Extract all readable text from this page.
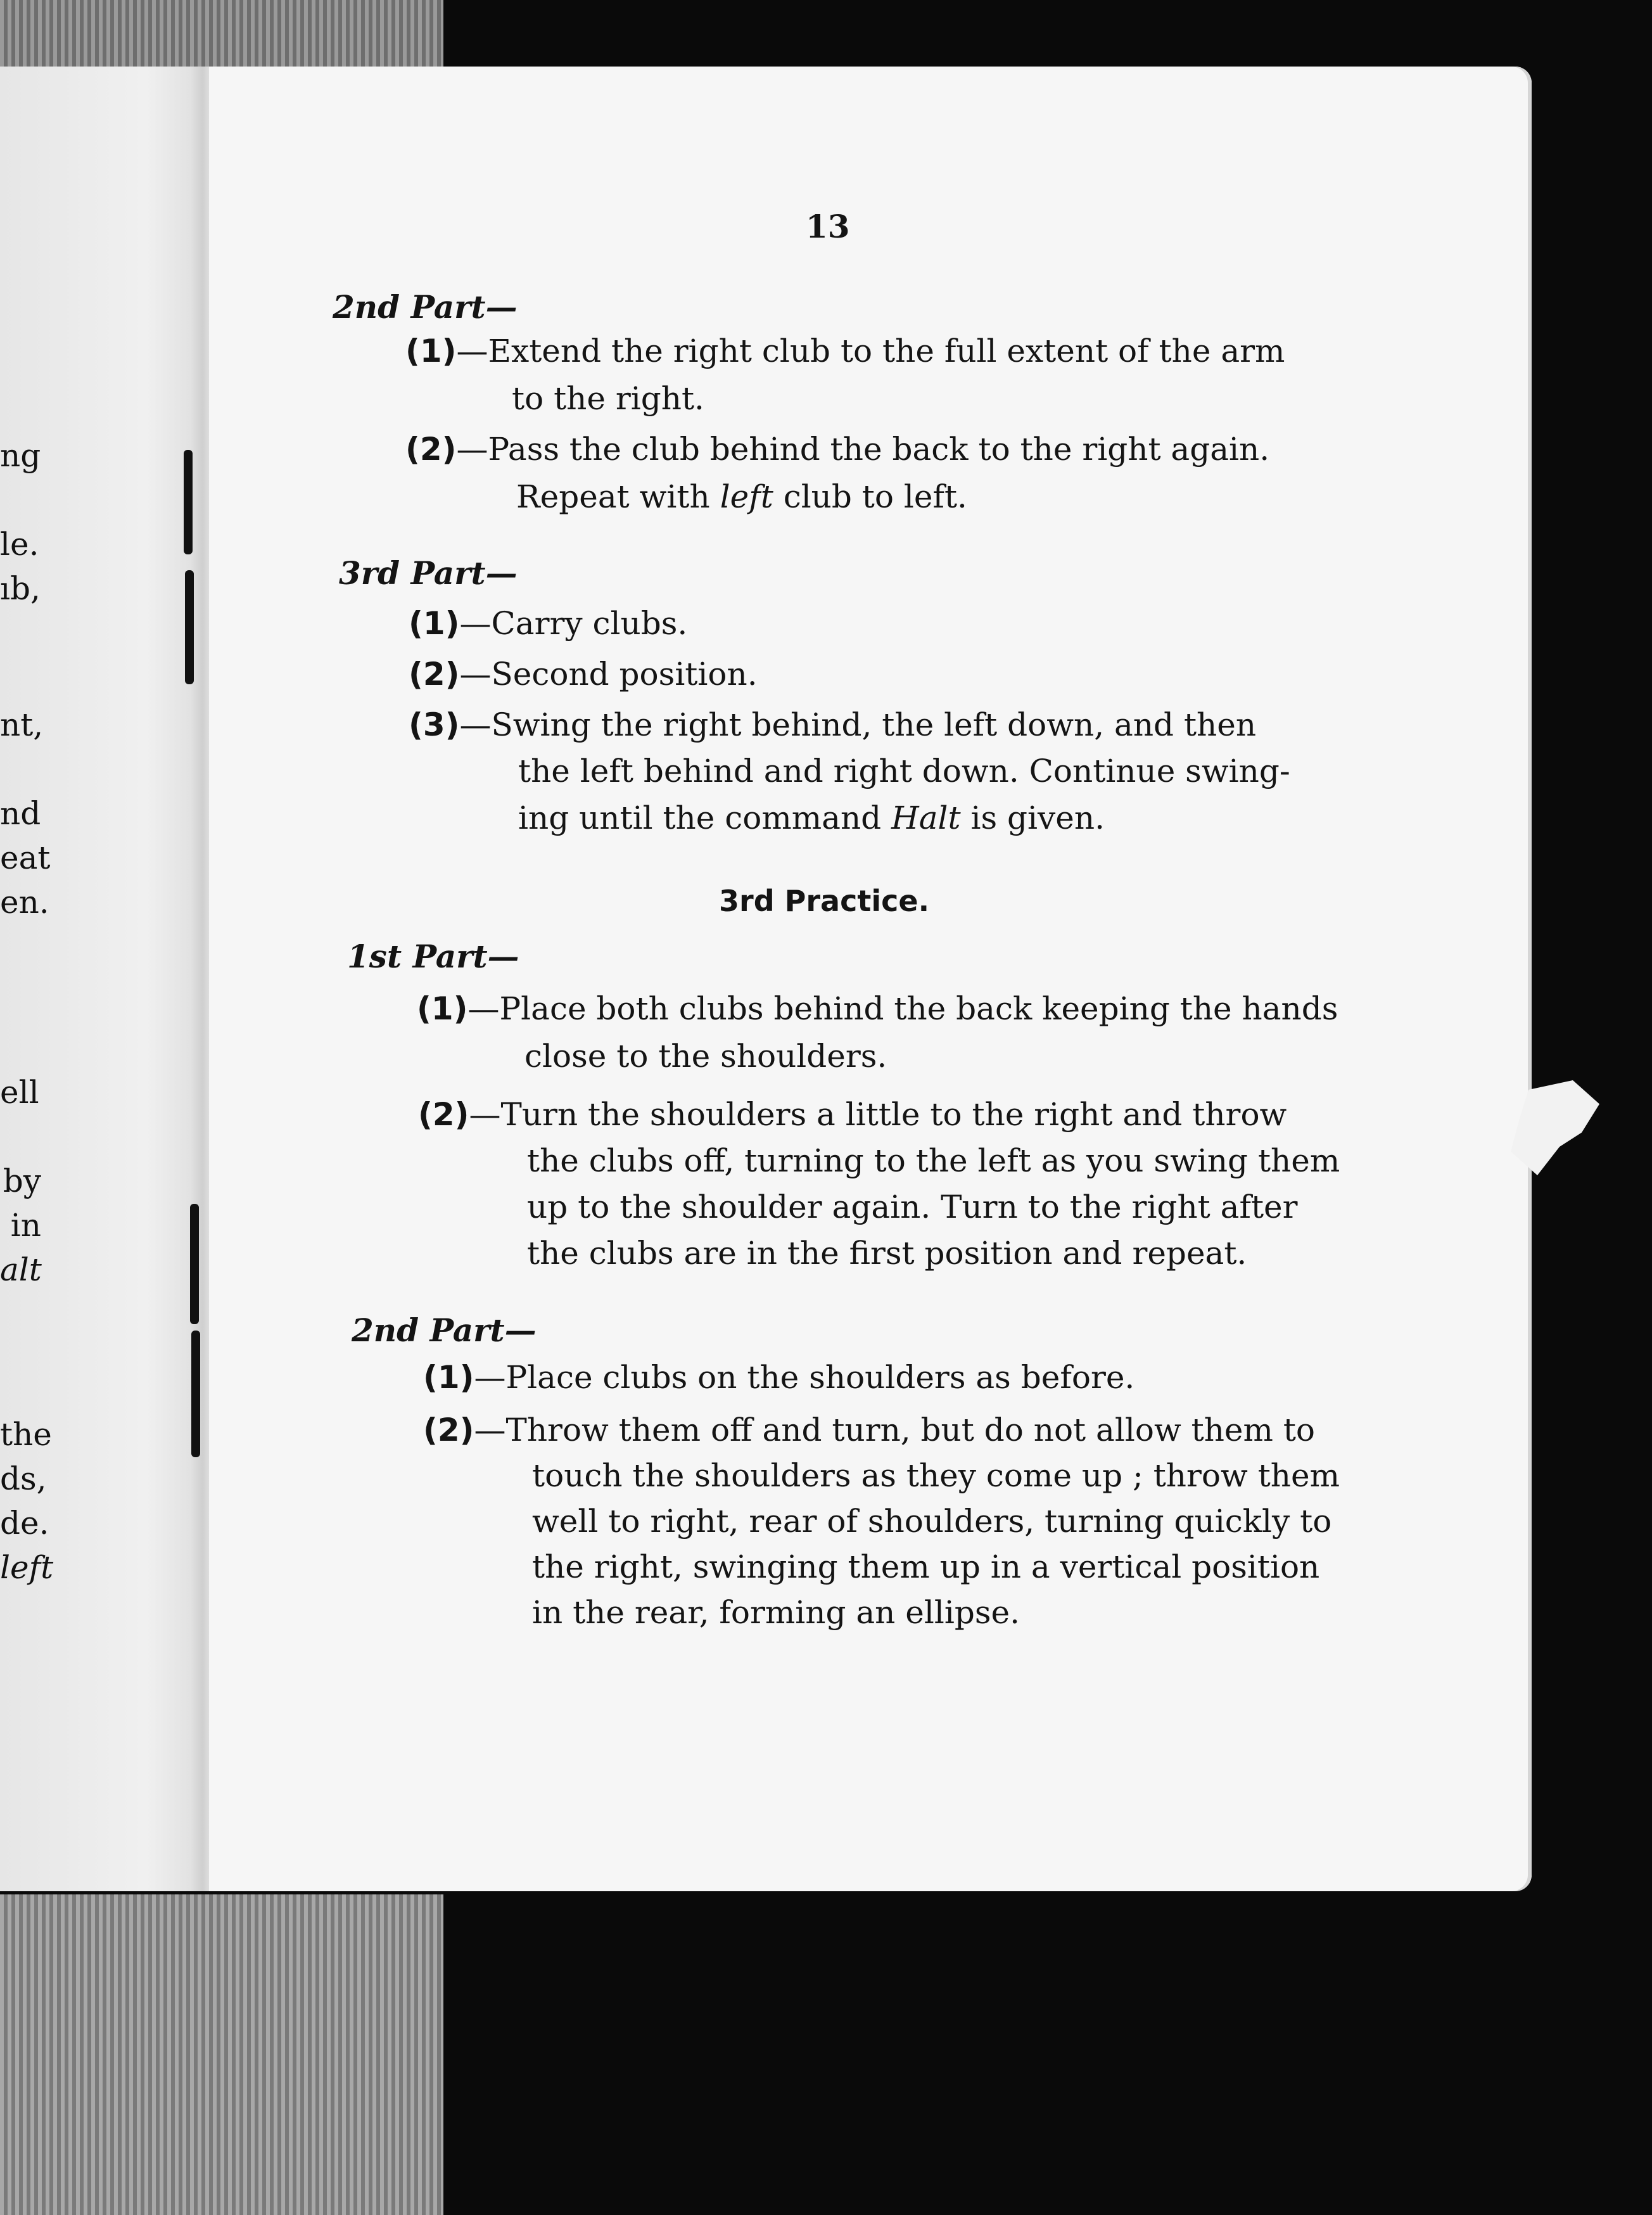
ng
le.
ıb,
nt,
nd
eat
en.
ell
by
in
alt
the
ds,
de.
left
13
2nd Part—
(1)—Extend the right club to the full extent of the arm
to the right.
(2)—Pass the club behind the back to the right again.
Repeat with left club to left.
3rd Part—
(1)—Carry clubs.
(2)—Second position.
(3)—Swing the right behind, the left down, and then
the left behind and right down. Continue swing-
ing until the command Halt is given.
3rd Practice.
1st Part—
(1)—Place both clubs behind the back keeping the hands
close to the shoulders.
(2)—Turn the shoulders a little to the right and throw
the clubs off, turning to the left as you swing them
up to the shoulder again. Turn to the right after
the clubs are in the first position and repeat.
2nd Part—
(1)—Place clubs on the shoulders as before.
(2)—Throw them off and turn, but do not allow them to
touch the shoulders as they come up ; throw them
well to right, rear of shoulders, turning quickly to
the right, swinging them up in a vertical position
in the rear, forming an ellipse.
